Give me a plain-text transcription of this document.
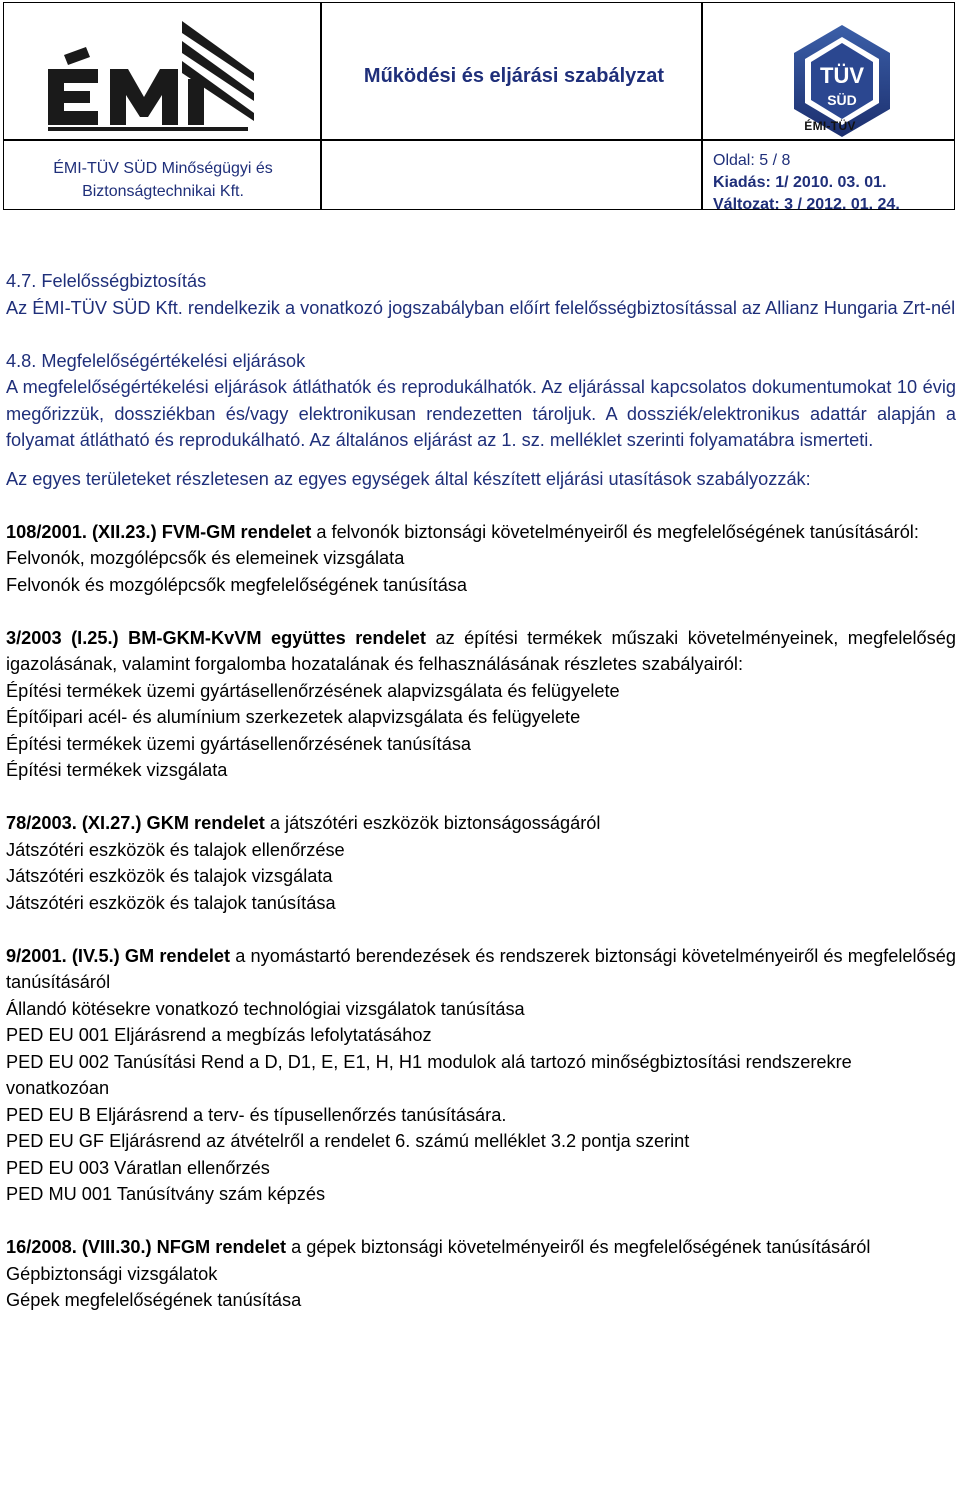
Működési és eljárási szabályzat
ÉMI-TÜV SÜD Minőségügyi és
Biztonságtechnikai Kft.
TÜV
SÜD
ÉMI-TÜV
Oldal: 5 / 8
Kiadás: 1/ 2010. 03. 01.
Változat: 3 / 2012. 01. 24.

4.7. Felelősségbiztosítás

Az ÉMI-TÜV SÜD Kft. rendelkezik a vonatkozó jogszabályban előírt felelősségbiztosítással az Allianz Hungaria Zrt-nél

4.8. Megfelelőségértékelési eljárások

A megfelelőségértékelési eljárások átláthatók és reprodukálhatók. Az eljárással kapcsolatos dokumentumokat 10 évig megőrizzük, dossziékban és/vagy elektronikusan rendezetten tároljuk. A dossziék/elektronikus adattár alapján a folyamat átlátható és reprodukálható. Az általános eljárást az 1. sz. melléklet szerinti folyamatábra ismerteti.

Az egyes területeket részletesen az egyes egységek által készített eljárási utasítások szabályozzák:

108/2001. (XII.23.) FVM-GM rendelet a felvonók biztonsági követelményeiről és megfelelőségének tanúsításáról:

Felvonók, mozgólépcsők és elemeinek vizsgálata

Felvonók és mozgólépcsők megfelelőségének tanúsítása

3/2003 (I.25.) BM-GKM-KvVM együttes rendelet az építési termékek műszaki követelményeinek, megfelelőség igazolásának, valamint forgalomba hozatalának és felhasználásának részletes szabályairól:

Építési termékek üzemi gyártásellenőrzésének alapvizsgálata és felügyelete

Építőipari acél- és alumínium szerkezetek alapvizsgálata és felügyelete

Építési termékek üzemi gyártásellenőrzésének tanúsítása

Építési termékek vizsgálata

78/2003. (XI.27.) GKM rendelet a játszótéri eszközök biztonságosságáról

Játszótéri eszközök és talajok ellenőrzése

Játszótéri eszközök és talajok vizsgálata

Játszótéri eszközök és talajok tanúsítása

9/2001. (IV.5.) GM rendelet a nyomástartó berendezések és rendszerek biztonsági követelményeiről és megfelelőség tanúsításáról

Állandó kötésekre vonatkozó technológiai vizsgálatok tanúsítása

PED EU 001 Eljárásrend a megbízás lefolytatásához

PED EU 002 Tanúsítási Rend a D, D1, E, E1, H, H1 modulok alá tartozó minőségbiztosítási rendszerekre vonatkozóan

PED EU B Eljárásrend a terv- és típusellenőrzés tanúsítására.

PED EU GF Eljárásrend az átvételről a rendelet 6. számú melléklet 3.2 pontja szerint

PED EU 003 Váratlan ellenőrzés

PED MU 001 Tanúsítvány szám képzés

16/2008. (VIII.30.) NFGM rendelet a gépek biztonsági követelményeiről és megfelelőségének tanúsításáról

Gépbiztonsági vizsgálatok

Gépek megfelelőségének tanúsítása
